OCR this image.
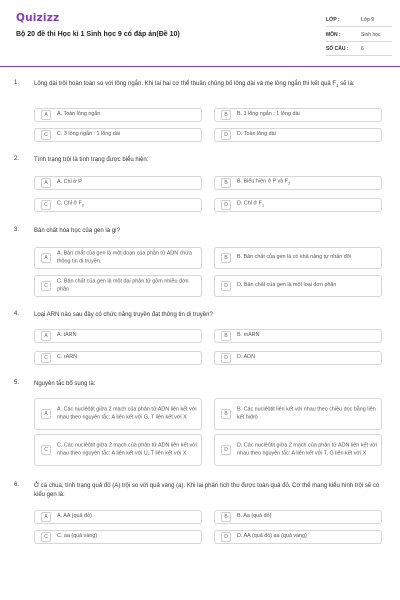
Quizizz
Bộ 20 đề thi Học kì 1 Sinh học 9 có đáp án(Đề 10)
LỚP :	Lớp 9
MÔN :	Sinh học
SỐ CÂU :	6
1. Lông dài trội hoàn toàn so với lông ngắn. Khi lai hai cơ thể thuần chủng bố lông dài và mẹ lông ngắn thì kết quả $F_1$ sẽ là:
A	A. Toàn lông ngắn	B	B. 1 lông ngắn : 1 lông dài
C	C. 3 lông ngắn : 1 lông dài	D	D. Toàn lông dài
2. Tính trạng trội là tính trạng được biểu hiện:
A	A. Chỉ ở P	B	B. Biểu hiện ở P và $F_2$
C	C. Chỉ ở $F_2$	D	D. Chỉ ở $F_1$
3. Bản chất hóa học của gen là gì?
A
A. Bản chất của gen là một đoạn của phân tử ADN chứa thông tin di truyền.	B	B. Bản chất của gen là có khả năng tự nhân đôi
C
C. Bản chất của gen là một đại phân tử gồm nhiều đơn phân	D	D. Bản chất của gen là một loại đơn phân
4. Loại ARN nào sau đây có chức năng truyền đạt thông tin di truyền?
A	A. tARN	B	B. mARN
C	C. rARN	D	D. ADN
5. Nguyên tắc bổ sung là:
A
A. Các nuclêôtit giữa 2 mạch của phân tử ADN liên kết với nhau theo nguyên tắc: A liên kết với G, T liên kết với X	B
B. Các nuclêôtit liên kết với nhau theo chiều dọc bằng liên kết hiđrô
C
C. Các nuclêôtit giữa 2 mạch của phân tử ADN liên kết với nhau theo nguyên tắc: A liên kết với U, T liên kết với X	D
D. Các nuclêôtit giữa 2 mạch của phân tử ADN liên kết với nhau theo nguyên tắc: A liên kết với T, G liên kết với X
6. Ở cà chua, tính trạng quả đỏ (A) trội so với quả vàng (a). Khi lai phân tích thu được toàn quả đỏ. Cơ thể mang kiểu hình trội sẽ có kiểu gen là:
A	A. AA (quả đỏ)	B	B. Aa (quả đỏ)
C	C. aa (quả vàng)	D	D. AA (quả đỏ) aa (quả vàng)
